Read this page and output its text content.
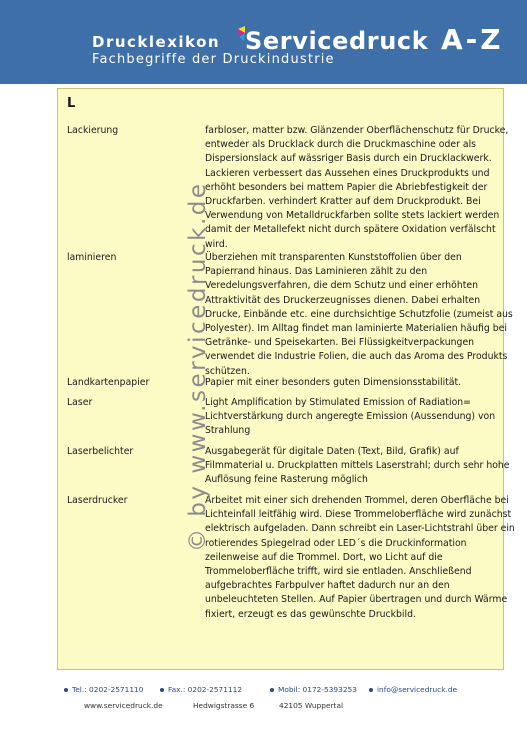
Drucklexikon
Fachbegriffe der Druckindustrie
Servicedruck A-Z
L
Lackierung	farbloser, matter bzw. Glänzender Oberflächenschutz für Drucke,
entweder als Drucklack durch die Druckmaschine oder als
Dispersionslack auf wässriger Basis durch ein Drucklackwerk.
Lackieren verbessert das Aussehen eines Druckprodukts und
erhöht besonders bei mattem Papier die Abriebfestigkeit der
Druckfarben. verhindert Kratter auf dem Druckprodukt. Bei
Verwendung von Metalldruckfarben sollte stets lackiert werden
damit der Metallefekt nicht durch spätere Oxidation verfälscht
wird.
laminieren	Überziehen mit transparenten Kunststoffolien über den
Papierrand hinaus. Das Laminieren zählt zu den
Veredelungsverfahren, die dem Schutz und einer erhöhten
Attraktivität des Druckerzeugnisses dienen. Dabei erhalten
Drucke, Einbände etc. eine durchsichtige Schutzfolie (zumeist aus
Polyester). Im Alltag findet man laminierte Materialien häufig bei
Getränke- und Speisekarten. Bei Flüssigkeitverpackungen
verwendet die Industrie Folien, die auch das Aroma des Produkts
schützen.
Landkartenpapier	Papier mit einer besonders guten Dimensionsstabilität.
Laser	Light Amplification by Stimulated Emission of Radiation=
Lichtverstärkung durch angeregte Emission (Aussendung) von
Strahlung
Laserbelichter	Ausgabegerät für digitale Daten (Text, Bild, Grafik) auf
Filmmaterial u. Druckplatten mittels Laserstrahl; durch sehr hohe
Auflösung feine Rasterung möglich
Laserdrucker	Arbeitet mit einer sich drehenden Trommel, deren Oberfläche bei
Lichteinfall leitfähig wird. Diese Trommeloberfläche wird zunächst
elektrisch aufgeladen. Dann schreibt ein Laser-Lichtstrahl über ein
rotierendes Spiegelrad oder LED´s die Druckinformation
zeilenweise auf die Trommel. Dort, wo Licht auf die
Trommeloberfläche trifft, wird sie entladen. Anschließend
aufgebrachtes Farbpulver haftet dadurch nur an den
unbeleuchteten Stellen. Auf Papier übertragen und durch Wärme
fixiert, erzeugt es das gewünschte Druckbild.
© by www.servicedruck.de
Tel.: 0202-2571110	Fax.: 0202-2571112	Mobil: 0172-5393253	info@servicedruck.de
www.servicedruck.de	Hedwigstrasse 6	42105 Wuppertal
